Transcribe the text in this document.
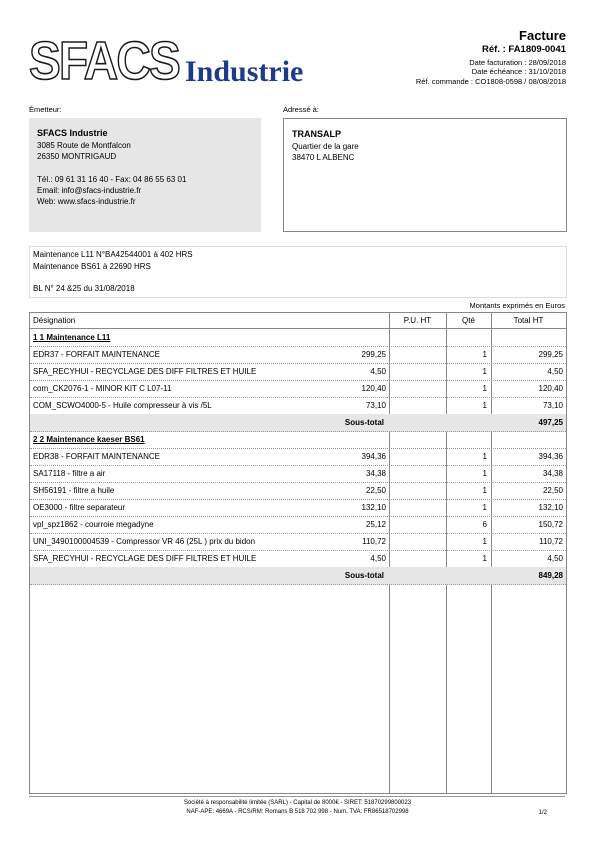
SFACS Industrie
Facture
Réf. : FA1809-0041
Date facturation : 28/09/2018
Date échéance : 31/10/2018
Réf. commande : CO1808-0598 / 08/08/2018
Émetteur:	Adressé à:
SFACS Industrie
3085 Route de Montfalcon
26350 MONTRIGAUD
Tél.: 09 61 31 16 40 - Fax: 04 86 55 63 01
Email: info@sfacs-industrie.fr
Web: www.sfacs-industrie.fr
TRANSALP
Quartier de la gare
38470 L ALBENC
Maintenance L11 N°BA42544001 à 402 HRS
Maintenance BS61 à 22690 HRS
BL N° 24 &25 du 31/08/2018
Montants exprimés en Euros
Désignation	P.U. HT	Qté	Total HT
1 1 Maintenance L11
EDR37 - FORFAIT MAINTENANCE	299,25	1	299,25
SFA_RECYHUI - RECYCLAGE DES DIFF FILTRES ET HUILE	4,50	1	4,50
com_CK2076-1 - MINOR KIT C L07-11	120,40	1	120,40
COM_SCWO4000-5 - Huile compresseur à vis /5L	73,10	1	73,10
Sous-total	497,25
2 2 Maintenance kaeser BS61
EDR38 - FORFAIT MAINTENANCE	394,36	1	394,36
SA17118 - filtre a air	34,38	1	34,38
SH56191 - filtre a huile	22,50	1	22,50
OE3000 - filtre separateur	132,10	1	132,10
vpl_spz1862 - courroie megadyne	25,12	6	150,72
UNI_3490100004539 - Compressor VR 46 (25L ) prix du bidon	110,72	1	110,72
SFA_RECYHUI - RECYCLAGE DES DIFF FILTRES ET HUILE	4,50	1	4,50
Sous-total	849,28
Société à responsabilité limitée (SARL) - Capital de 8000€ - SIRET: 51870299800023
NAF-APE: 4669A - RCS/RM: Romans B 518 702 998 - Num. TVA: FR86518702998	1/2
